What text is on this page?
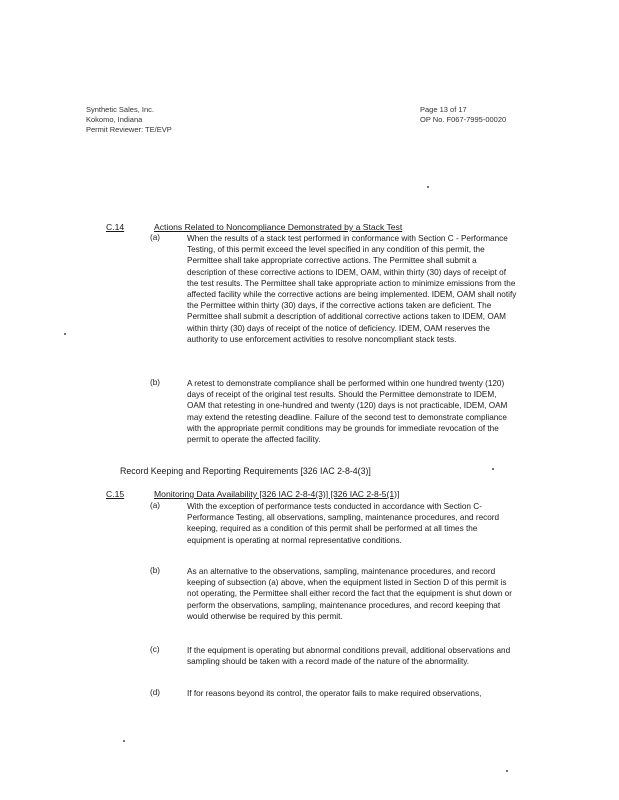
Synthetic Sales, Inc.
Kokomo, Indiana
Permit Reviewer: TE/EVP
Page 13 of 17
OP No. F067-7995-00020
C.14	Actions Related to Noncompliance Demonstrated by a Stack Test
(a)	When the results of a stack test performed in conformance with Section C - Performance Testing, of this permit exceed the level specified in any condition of this permit, the Permittee shall take appropriate corrective actions. The Permittee shall submit a description of these corrective actions to IDEM, OAM, within thirty (30) days of receipt of the test results. The Permittee shall take appropriate action to minimize emissions from the affected facility while the corrective actions are being implemented. IDEM, OAM shall notify the Permittee within thirty (30) days, if the corrective actions taken are deficient. The Permittee shall submit a description of additional corrective actions taken to IDEM, OAM within thirty (30) days of receipt of the notice of deficiency. IDEM, OAM reserves the authority to use enforcement activities to resolve noncompliant stack tests.
(b)	A retest to demonstrate compliance shall be performed within one hundred twenty (120) days of receipt of the original test results. Should the Permittee demonstrate to IDEM, OAM that retesting in one-hundred and twenty (120) days is not practicable, IDEM, OAM may extend the retesting deadline. Failure of the second test to demonstrate compliance with the appropriate permit conditions may be grounds for immediate revocation of the permit to operate the affected facility.
Record Keeping and Reporting Requirements [326 IAC 2-8-4(3)]
C.15	Monitoring Data Availability [326 IAC 2-8-4(3)] [326 IAC 2-8-5(1)]
(a)	With the exception of performance tests conducted in accordance with Section C- Performance Testing, all observations, sampling, maintenance procedures, and record keeping, required as a condition of this permit shall be performed at all times the equipment is operating at normal representative conditions.
(b)	As an alternative to the observations, sampling, maintenance procedures, and record keeping of subsection (a) above, when the equipment listed in Section D of this permit is not operating, the Permittee shall either record the fact that the equipment is shut down or perform the observations, sampling, maintenance procedures, and record keeping that would otherwise be required by this permit.
(c)	If the equipment is operating but abnormal conditions prevail, additional observations and sampling should be taken with a record made of the nature of the abnormality.
(d)	If for reasons beyond its control, the operator fails to make required observations,
